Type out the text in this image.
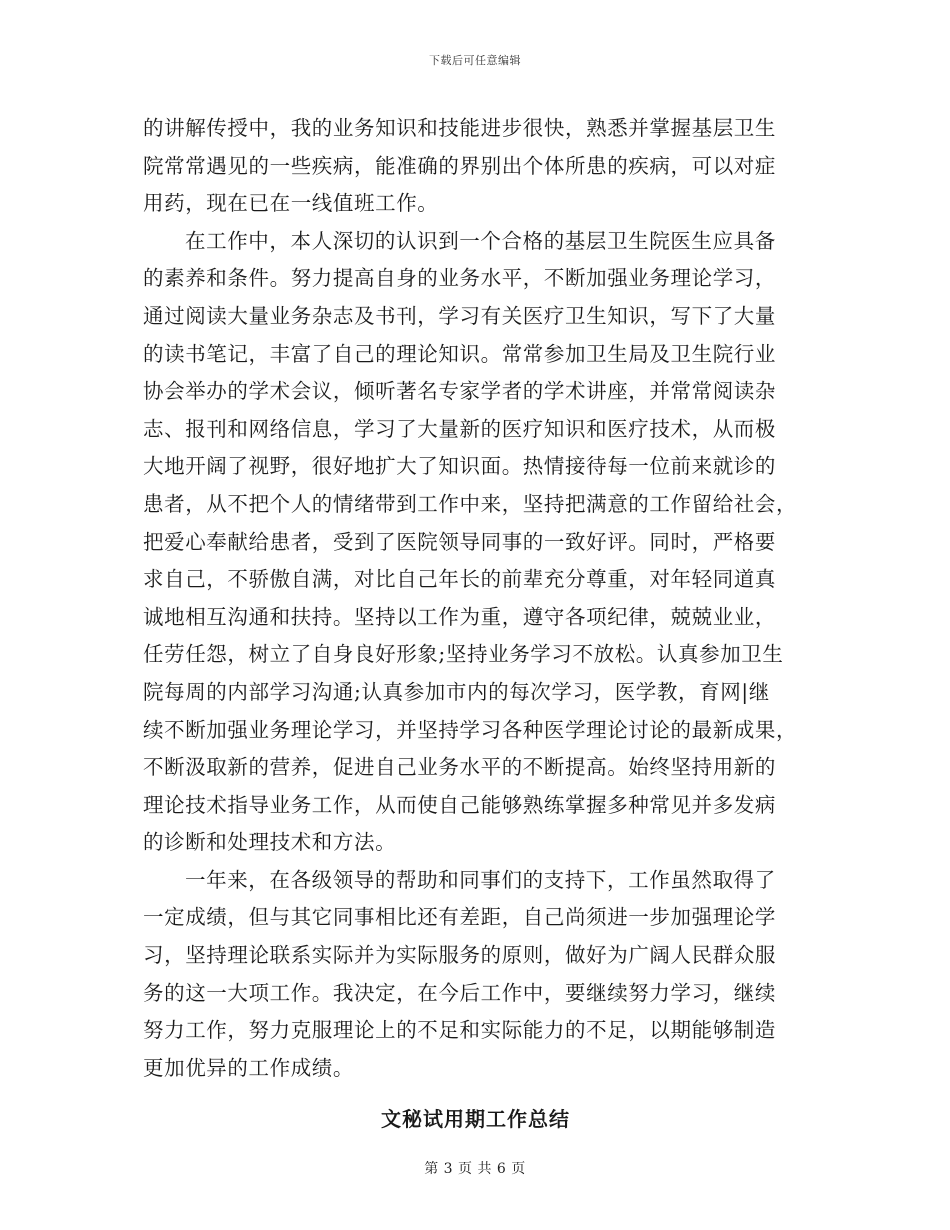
下载后可任意编辑
的讲解传授中，我的业务知识和技能进步很快，熟悉并掌握基层卫生
院常常遇见的一些疾病，能准确的界别出个体所患的疾病，可以对症
用药，现在已在一线值班工作。
在工作中，本人深切的认识到一个合格的基层卫生院医生应具备
的素养和条件。努力提高自身的业务水平，不断加强业务理论学习，
通过阅读大量业务杂志及书刊，学习有关医疗卫生知识，写下了大量
的读书笔记，丰富了自己的理论知识。常常参加卫生局及卫生院行业
协会举办的学术会议，倾听著名专家学者的学术讲座，并常常阅读杂
志、报刊和网络信息，学习了大量新的医疗知识和医疗技术，从而极
大地开阔了视野，很好地扩大了知识面。热情接待每一位前来就诊的
患者，从不把个人的情绪带到工作中来，坚持把满意的工作留给社会，
把爱心奉献给患者，受到了医院领导同事的一致好评。同时，严格要
求自己，不骄傲自满，对比自己年长的前辈充分尊重，对年轻同道真
诚地相互沟通和扶持。坚持以工作为重，遵守各项纪律，兢兢业业，
任劳任怨，树立了自身良好形象;坚持业务学习不放松。认真参加卫生
院每周的内部学习沟通;认真参加市内的每次学习，医学教，育网|继
续不断加强业务理论学习，并坚持学习各种医学理论讨论的最新成果，
不断汲取新的营养，促进自己业务水平的不断提高。始终坚持用新的
理论技术指导业务工作，从而使自己能够熟练掌握多种常见并多发病
的诊断和处理技术和方法。
一年来，在各级领导的帮助和同事们的支持下，工作虽然取得了
一定成绩，但与其它同事相比还有差距，自己尚须进一步加强理论学
习，坚持理论联系实际并为实际服务的原则，做好为广阔人民群众服
务的这一大项工作。我决定，在今后工作中，要继续努力学习，继续
努力工作，努力克服理论上的不足和实际能力的不足，以期能够制造
更加优异的工作成绩。
文秘试用期工作总结
第 3 页 共 6 页
